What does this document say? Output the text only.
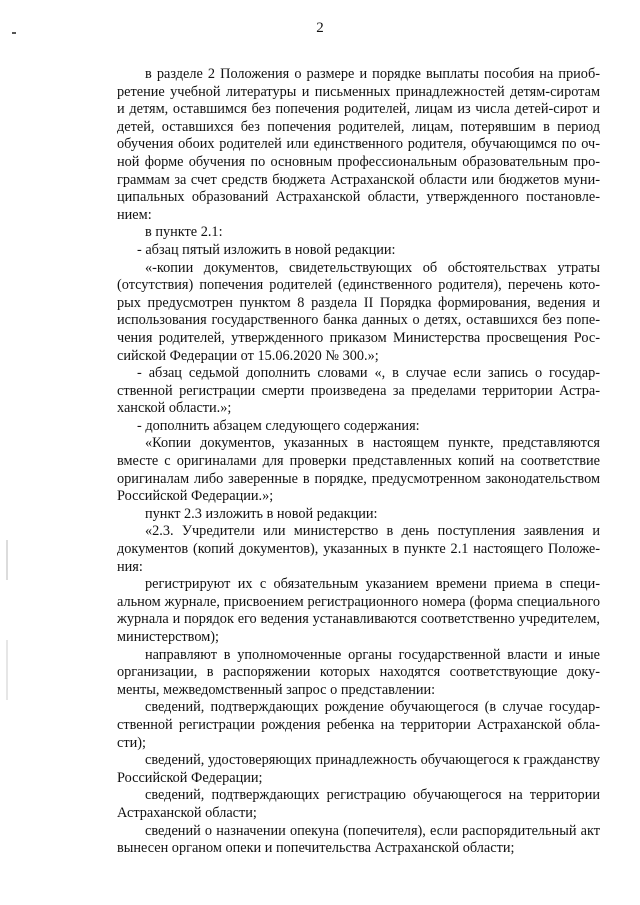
2

в разделе 2 Положения о размере и порядке выплаты пособия на приобретение учебной литературы и письменных принадлежностей детям-сиротам и детям, оставшимся без попечения родителей, лицам из числа детей-сирот и детей, оставшихся без попечения родителей, лицам, потерявшим в период обучения обоих родителей или единственного родителя, обучающимся по очной форме обучения по основным профессиональным образовательным программам за счет средств бюджета Астраханской области или бюджетов муниципальных образований Астраханской области, утвержденного постановлением:

в пункте 2.1:

- абзац пятый изложить в новой редакции:

«-копии документов, свидетельствующих об обстоятельствах утраты (отсутствия) попечения родителей (единственного родителя), перечень которых предусмотрен пунктом 8 раздела II Порядка формирования, ведения и использования государственного банка данных о детях, оставшихся без попечения родителей, утвержденного приказом Министерства просвещения Российской Федерации от 15.06.2020 № 300.»;

- абзац седьмой дополнить словами «, в случае если запись о государственной регистрации смерти произведена за пределами территории Астраханской области.»;

- дополнить абзацем следующего содержания:

«Копии документов, указанных в настоящем пункте, представляются вместе с оригиналами для проверки представленных копий на соответствие оригиналам либо заверенные в порядке, предусмотренном законодательством Российской Федерации.»;

пункт 2.3 изложить в новой редакции:

«2.3. Учредители или министерство в день поступления заявления и документов (копий документов), указанных в пункте 2.1 настоящего Положения:

регистрируют их с обязательным указанием времени приема в специальном журнале, присвоением регистрационного номера (форма специального журнала и порядок его ведения устанавливаются соответственно учредителем, министерством);

направляют в уполномоченные органы государственной власти и иные организации, в распоряжении которых находятся соответствующие документы, межведомственный запрос о представлении:

сведений, подтверждающих рождение обучающегося (в случае государственной регистрации рождения ребенка на территории Астраханской области);

сведений, удостоверяющих принадлежность обучающегося к гражданству Российской Федерации;

сведений, подтверждающих регистрацию обучающегося на территории Астраханской области;

сведений о назначении опекуна (попечителя), если распорядительный акт вынесен органом опеки и попечительства Астраханской области;
